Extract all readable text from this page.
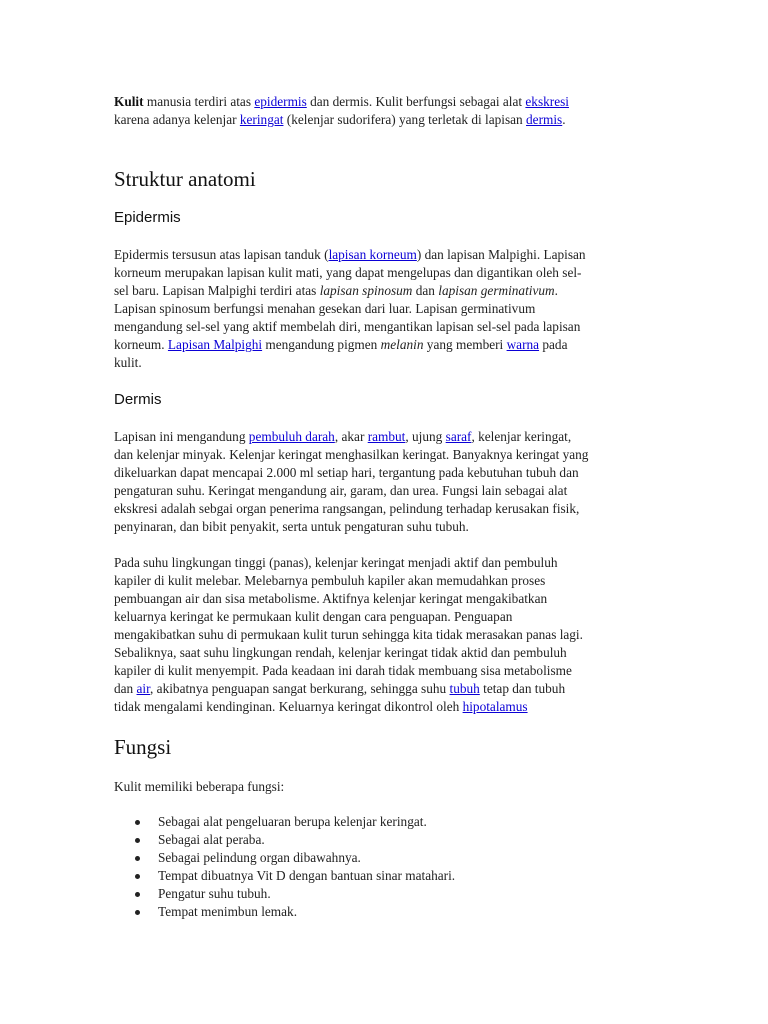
Kulit manusia terdiri atas epidermis dan dermis. Kulit berfungsi sebagai alat ekskresi
karena adanya kelenjar keringat (kelenjar sudorifera) yang terletak di lapisan dermis.

Struktur anatomi
Epidermis

Epidermis tersusun atas lapisan tanduk (lapisan korneum) dan lapisan Malpighi. Lapisan
korneum merupakan lapisan kulit mati, yang dapat mengelupas dan digantikan oleh sel-
sel baru. Lapisan Malpighi terdiri atas lapisan spinosum dan lapisan germinativum.
Lapisan spinosum berfungsi menahan gesekan dari luar. Lapisan germinativum
mengandung sel-sel yang aktif membelah diri, mengantikan lapisan sel-sel pada lapisan
korneum. Lapisan Malpighi mengandung pigmen melanin yang memberi warna pada
kulit.

Dermis

Lapisan ini mengandung pembuluh darah, akar rambut, ujung saraf, kelenjar keringat,
dan kelenjar minyak. Kelenjar keringat menghasilkan keringat. Banyaknya keringat yang
dikeluarkan dapat mencapai 2.000 ml setiap hari, tergantung pada kebutuhan tubuh dan
pengaturan suhu. Keringat mengandung air, garam, dan urea. Fungsi lain sebagai alat
ekskresi adalah sebgai organ penerima rangsangan, pelindung terhadap kerusakan fisik,
penyinaran, dan bibit penyakit, serta untuk pengaturan suhu tubuh.

Pada suhu lingkungan tinggi (panas), kelenjar keringat menjadi aktif dan pembuluh
kapiler di kulit melebar. Melebarnya pembuluh kapiler akan memudahkan proses
pembuangan air dan sisa metabolisme. Aktifnya kelenjar keringat mengakibatkan
keluarnya keringat ke permukaan kulit dengan cara penguapan. Penguapan
mengakibatkan suhu di permukaan kulit turun sehingga kita tidak merasakan panas lagi.
Sebaliknya, saat suhu lingkungan rendah, kelenjar keringat tidak aktid dan pembuluh
kapiler di kulit menyempit. Pada keadaan ini darah tidak membuang sisa metabolisme
dan air, akibatnya penguapan sangat berkurang, sehingga suhu tubuh tetap dan tubuh
tidak mengalami kendinginan. Keluarnya keringat dikontrol oleh hipotalamus

Fungsi

Kulit memiliki beberapa fungsi:

Sebagai alat pengeluaran berupa kelenjar keringat.
Sebagai alat peraba.
Sebagai pelindung organ dibawahnya.
Tempat dibuatnya Vit D dengan bantuan sinar matahari.
Pengatur suhu tubuh.
Tempat menimbun lemak.
